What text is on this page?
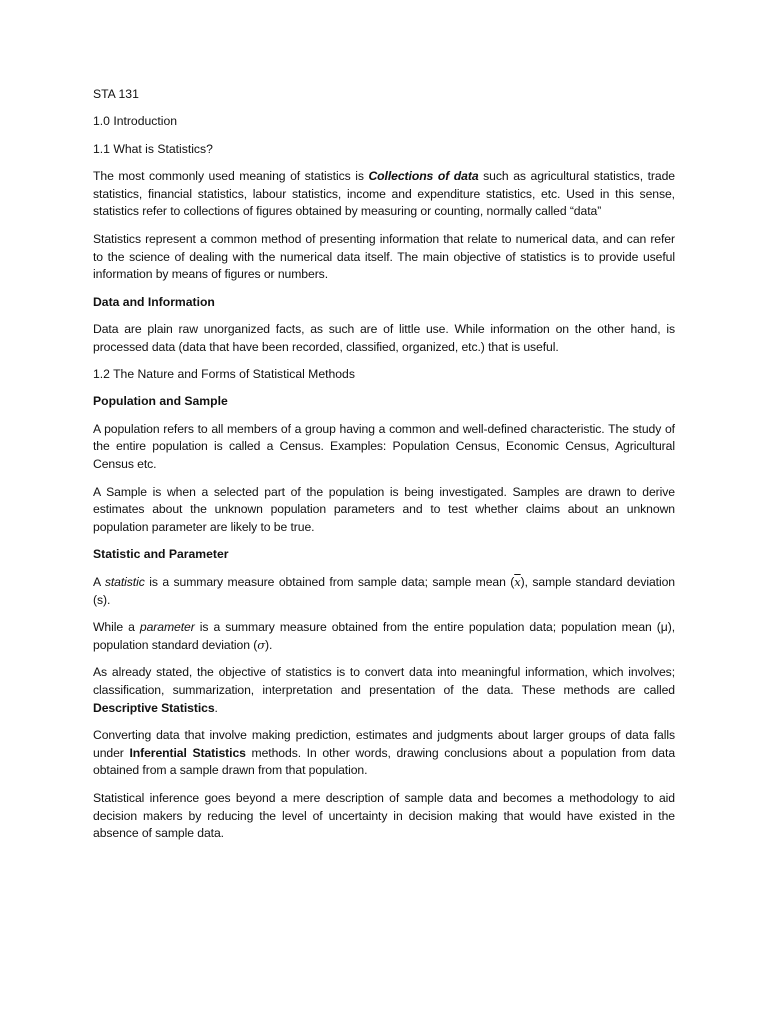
STA 131
1.0 Introduction
1.1 What is Statistics?

The most commonly used meaning of statistics is Collections of data such as agricultural statistics, trade statistics, financial statistics, labour statistics, income and expenditure statistics, etc. Used in this sense, statistics refer to collections of figures obtained by measuring or counting, normally called “data”

Statistics represent a common method of presenting information that relate to numerical data, and can refer to the science of dealing with the numerical data itself. The main objective of statistics is to provide useful information by means of figures or numbers.

Data and Information

Data are plain raw unorganized facts, as such are of little use. While information on the other hand, is processed data (data that have been recorded, classified, organized, etc.) that is useful.

1.2 The Nature and Forms of Statistical Methods
Population and Sample

A population refers to all members of a group having a common and well-defined characteristic. The study of the entire population is called a Census. Examples: Population Census, Economic Census, Agricultural Census etc.

A Sample is when a selected part of the population is being investigated. Samples are drawn to derive estimates about the unknown population parameters and to test whether claims about an unknown population parameter are likely to be true.

Statistic and Parameter

A statistic is a summary measure obtained from sample data; sample mean $(\overline{x})$, sample standard deviation (s).

While a parameter is a summary measure obtained from the entire population data; population mean (μ), population standard deviation (σ).

As already stated, the objective of statistics is to convert data into meaningful information, which involves; classification, summarization, interpretation and presentation of the data. These methods are called Descriptive Statistics.

Converting data that involve making prediction, estimates and judgments about larger groups of data falls under Inferential Statistics methods. In other words, drawing conclusions about a population from data obtained from a sample drawn from that population.

Statistical inference goes beyond a mere description of sample data and becomes a methodology to aid decision makers by reducing the level of uncertainty in decision making that would have existed in the absence of sample data.
